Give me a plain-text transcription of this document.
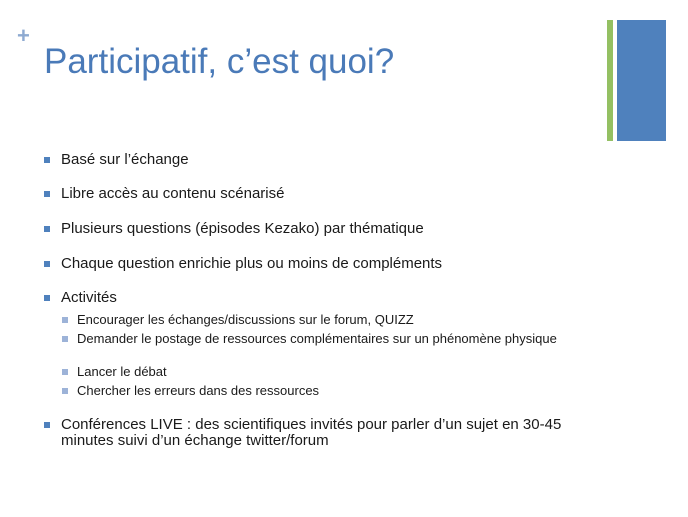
+
Participatif, c’est quoi?
Basé sur l’échange
Libre accès au contenu scénarisé
Plusieurs questions (épisodes Kezako) par thématique
Chaque question enrichie plus ou moins de compléments
Activités
Encourager les échanges/discussions sur le forum, QUIZZ
Demander le postage de ressources complémentaires sur un phénomène physique
Lancer le débat
Chercher les erreurs dans des ressources
Conférences LIVE : des scientifiques invités pour parler d’un sujet en 30-45 minutes suivi d’un échange twitter/forum
